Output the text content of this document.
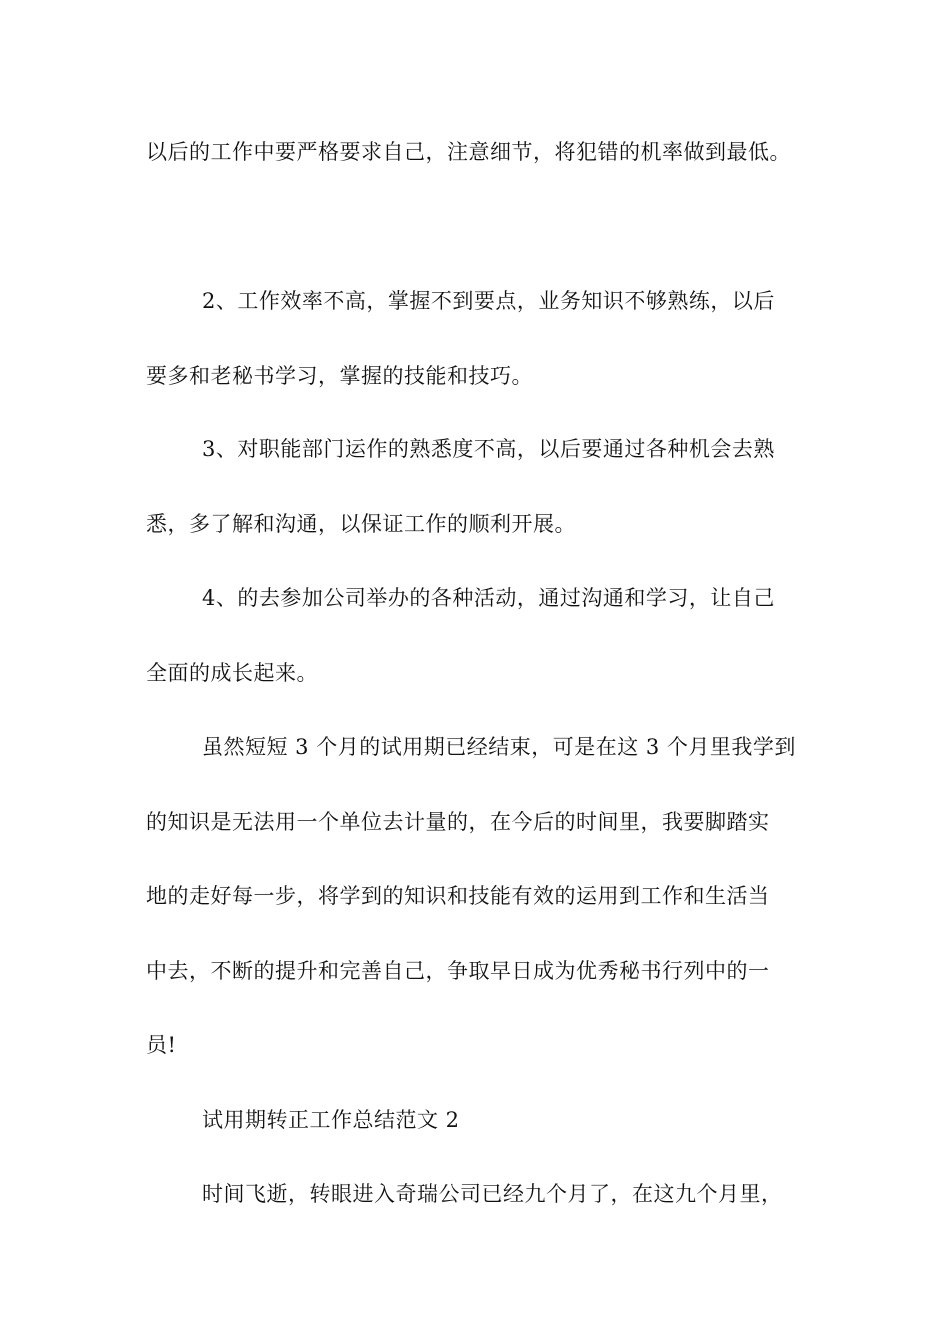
以后的工作中要严格要求自己，注意细节，将犯错的机率做到最低。
2、工作效率不高，掌握不到要点，业务知识不够熟练，以后
要多和老秘书学习，掌握的技能和技巧。
3、对职能部门运作的熟悉度不高，以后要通过各种机会去熟
悉，多了解和沟通，以保证工作的顺利开展。
4、的去参加公司举办的各种活动，通过沟通和学习，让自己
全面的成长起来。
虽然短短 3 个月的试用期已经结束，可是在这 3 个月里我学到
的知识是无法用一个单位去计量的，在今后的时间里，我要脚踏实
地的走好每一步，将学到的知识和技能有效的运用到工作和生活当
中去，不断的提升和完善自己，争取早日成为优秀秘书行列中的一
员!
试用期转正工作总结范文 2
时间飞逝，转眼进入奇瑞公司已经九个月了，在这九个月里，
